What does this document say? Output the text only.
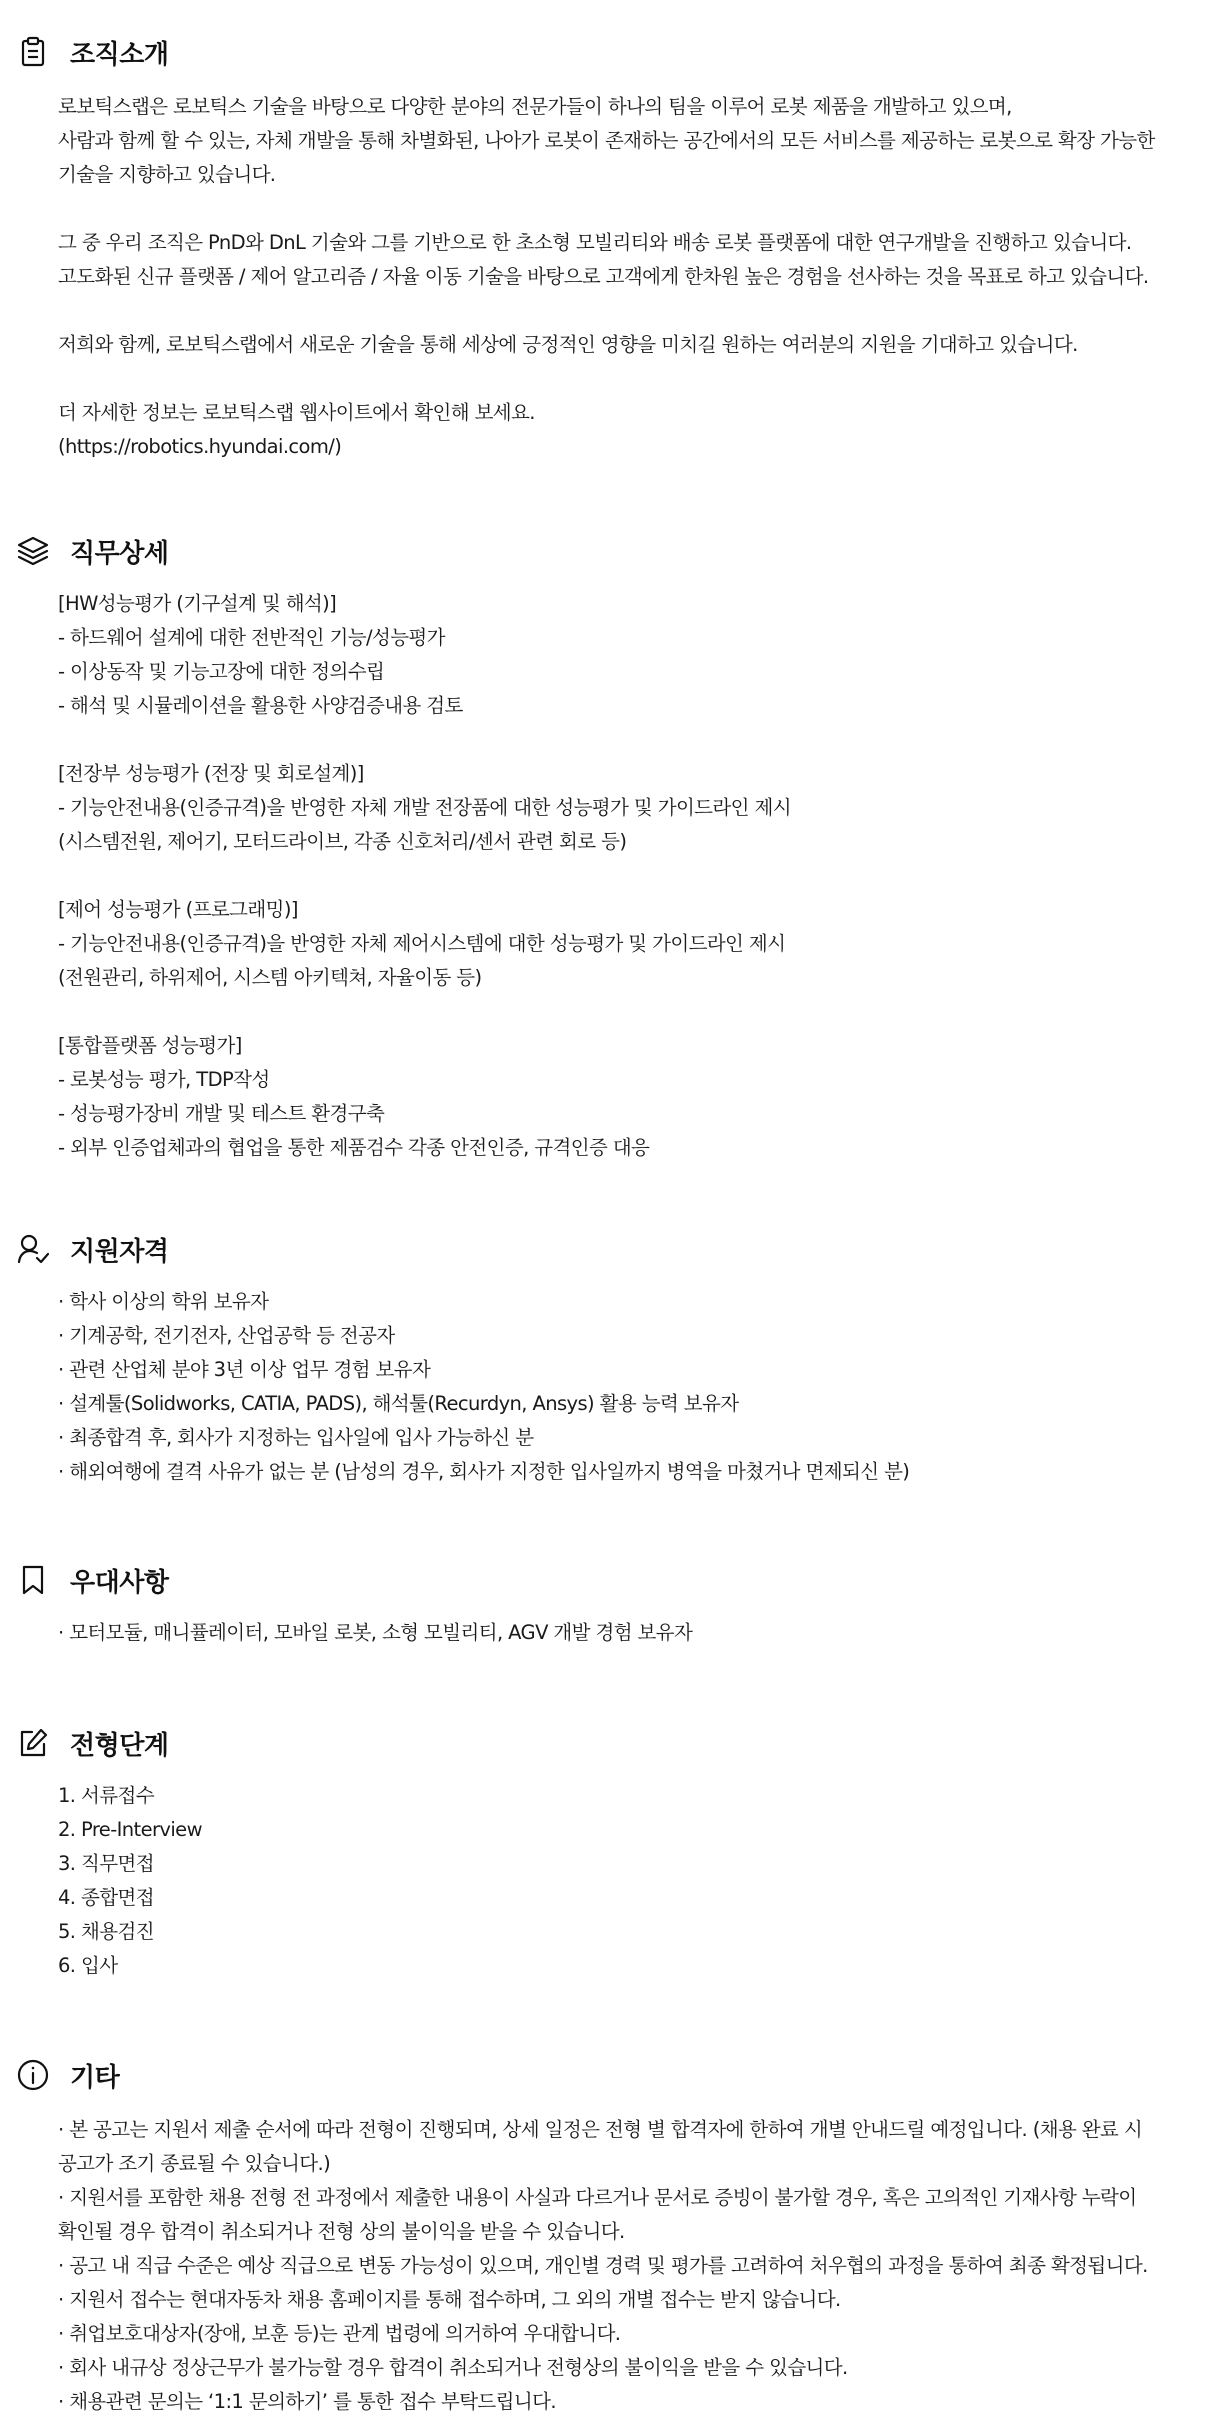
조직소개
로보틱스랩은 로보틱스 기술을 바탕으로 다양한 분야의 전문가들이 하나의 팀을 이루어 로봇 제품을 개발하고 있으며,
사람과 함께 할 수 있는, 자체 개발을 통해 차별화된, 나아가 로봇이 존재하는 공간에서의 모든 서비스를 제공하는 로봇으로 확장 가능한
기술을 지향하고 있습니다.
그 중 우리 조직은 PnD와 DnL 기술와 그를 기반으로 한 초소형 모빌리티와 배송 로봇 플랫폼에 대한 연구개발을 진행하고 있습니다.
고도화된 신규 플랫폼 / 제어 알고리즘 / 자율 이동 기술을 바탕으로 고객에게 한차원 높은 경험을 선사하는 것을 목표로 하고 있습니다.
저희와 함께, 로보틱스랩에서 새로운 기술을 통해 세상에 긍정적인 영향을 미치길 원하는 여러분의 지원을 기대하고 있습니다.
더 자세한 정보는 로보틱스랩 웹사이트에서 확인해 보세요.
(https://robotics.hyundai.com/)
직무상세
[HW성능평가 (기구설계 및 해석)]
- 하드웨어 설계에 대한 전반적인 기능/성능평가
- 이상동작 및 기능고장에 대한 정의수립
- 해석 및 시뮬레이션을 활용한 사양검증내용 검토
[전장부 성능평가 (전장 및 회로설계)]
- 기능안전내용(인증규격)을 반영한 자체 개발 전장품에 대한 성능평가 및 가이드라인 제시
(시스템전원, 제어기, 모터드라이브, 각종 신호처리/센서 관련 회로 등)
[제어 성능평가 (프로그래밍)]
- 기능안전내용(인증규격)을 반영한 자체 제어시스템에 대한 성능평가 및 가이드라인 제시
(전원관리, 하위제어, 시스템 아키텍쳐, 자율이동 등)
[통합플랫폼 성능평가]
- 로봇성능 평가, TDP작성
- 성능평가장비 개발 및 테스트 환경구축
- 외부 인증업체과의 협업을 통한 제품검수 각종 안전인증, 규격인증 대응
지원자격
· 학사 이상의 학위 보유자
· 기계공학, 전기전자, 산업공학 등 전공자
· 관련 산업체 분야 3년 이상 업무 경험 보유자
· 설계툴(Solidworks, CATIA, PADS), 해석툴(Recurdyn, Ansys) 활용 능력 보유자
· 최종합격 후, 회사가 지정하는 입사일에 입사 가능하신 분
· 해외여행에 결격 사유가 없는 분 (남성의 경우, 회사가 지정한 입사일까지 병역을 마쳤거나 면제되신 분)
우대사항
· 모터모듈, 매니퓰레이터, 모바일 로봇, 소형 모빌리티, AGV 개발 경험 보유자
전형단계
1. 서류접수
2. Pre-Interview
3. 직무면접
4. 종합면접
5. 채용검진
6. 입사
기타
· 본 공고는 지원서 제출 순서에 따라 전형이 진행되며, 상세 일정은 전형 별 합격자에 한하여 개별 안내드릴 예정입니다. (채용 완료 시
공고가 조기 종료될 수 있습니다.)
· 지원서를 포함한 채용 전형 전 과정에서 제출한 내용이 사실과 다르거나 문서로 증빙이 불가할 경우, 혹은 고의적인 기재사항 누락이
확인될 경우 합격이 취소되거나 전형 상의 불이익을 받을 수 있습니다.
· 공고 내 직급 수준은 예상 직급으로 변동 가능성이 있으며, 개인별 경력 및 평가를 고려하여 처우협의 과정을 통하여 최종 확정됩니다.
· 지원서 접수는 현대자동차 채용 홈페이지를 통해 접수하며, 그 외의 개별 접수는 받지 않습니다.
· 취업보호대상자(장애, 보훈 등)는 관계 법령에 의거하여 우대합니다.
· 회사 내규상 정상근무가 불가능할 경우 합격이 취소되거나 전형상의 불이익을 받을 수 있습니다.
· 채용관련 문의는 ‘1:1 문의하기’ 를 통한 접수 부탁드립니다.
